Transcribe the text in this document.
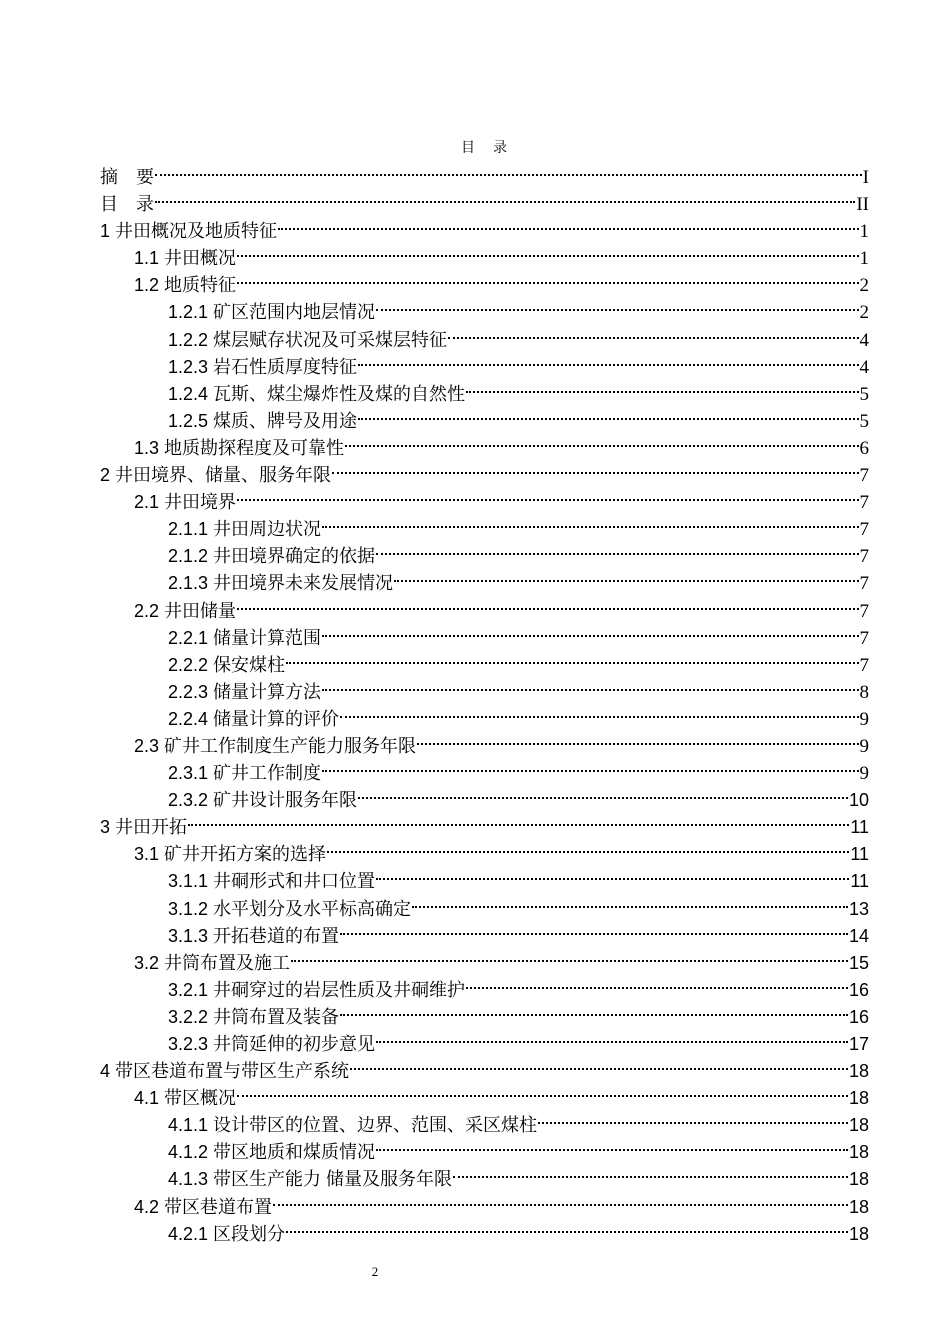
目　录
摘　要	I
目　录	II
1 井田概况及地质特征	1
1.1 井田概况	1
1.2 地质特征	2
1.2.1 矿区范围内地层情况	2
1.2.2 煤层赋存状况及可采煤层特征	4
1.2.3 岩石性质厚度特征	4
1.2.4 瓦斯、煤尘爆炸性及煤的自然性	5
1.2.5 煤质、牌号及用途	5
1.3 地质勘探程度及可靠性	6
2 井田境界、储量、服务年限	7
2.1 井田境界	7
2.1.1 井田周边状况	7
2.1.2 井田境界确定的依据	7
2.1.3 井田境界未来发展情况	7
2.2 井田储量	7
2.2.1 储量计算范围	7
2.2.2 保安煤柱	7
2.2.3 储量计算方法	8
2.2.4 储量计算的评价	9
2.3 矿井工作制度生产能力服务年限	9
2.3.1 矿井工作制度	9
2.3.2 矿井设计服务年限	10
3 井田开拓	11
3.1 矿井开拓方案的选择	11
3.1.1 井硐形式和井口位置	11
3.1.2 水平划分及水平标高确定	13
3.1.3 开拓巷道的布置	14
3.2 井筒布置及施工	15
3.2.1 井硐穿过的岩层性质及井硐维护	16
3.2.2 井筒布置及装备	16
3.2.3 井筒延伸的初步意见	17
4 带区巷道布置与带区生产系统	18
4.1 带区概况	18
4.1.1 设计带区的位置、边界、范围、采区煤柱	18
4.1.2 带区地质和煤质情况	18
4.1.3 带区生产能力 储量及服务年限	18
4.2 带区巷道布置	18
4.2.1 区段划分	18
2
